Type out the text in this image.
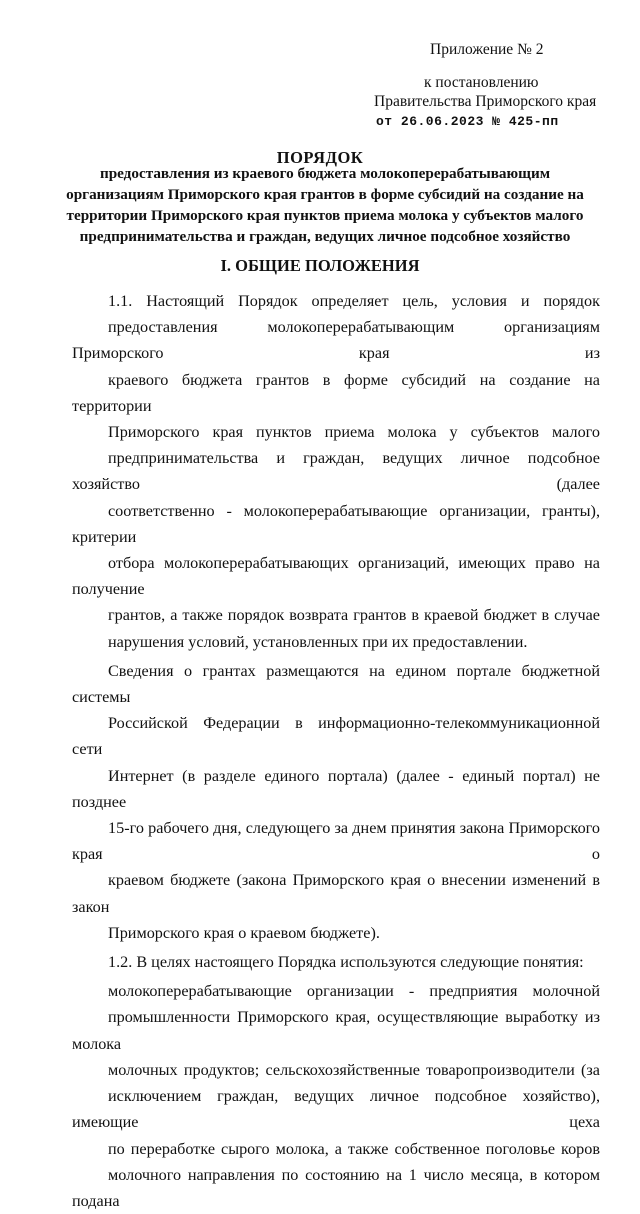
Приложение № 2
к постановлению
Правительства Приморского края
от 26.06.2023 № 425-пп
ПОРЯДОК
предоставления из краевого бюджета молокоперерабатывающим
организациям Приморского края грантов в форме субсидий на создание на
территории Приморского края пунктов приема молока у субъектов малого
предпринимательства и граждан, ведущих личное подсобное хозяйство
I. ОБЩИЕ ПОЛОЖЕНИЯ

1.1. Настоящий Порядок определяет цель, условия и порядок
предоставления молокоперерабатывающим организациям Приморского края из
краевого бюджета грантов в форме субсидий на создание на территории
Приморского края пунктов приема молока у субъектов малого
предпринимательства и граждан, ведущих личное подсобное хозяйство (далее
соответственно - молокоперерабатывающие организации, гранты), критерии
отбора молокоперерабатывающих организаций, имеющих право на получение
грантов, а также порядок возврата грантов в краевой бюджет в случае
нарушения условий, установленных при их предоставлении.

Сведения о грантах размещаются на едином портале бюджетной системы
Российской Федерации в информационно-телекоммуникационной сети
Интернет (в разделе единого портала) (далее - единый портал) не позднее
15-го рабочего дня, следующего за днем принятия закона Приморского края о
краевом бюджете (закона Приморского края о внесении изменений в закон
Приморского края о краевом бюджете).

1.2. В целях настоящего Порядка используются следующие понятия:

молокоперерабатывающие организации - предприятия молочной
промышленности Приморского края, осуществляющие выработку из молока
молочных продуктов; сельскохозяйственные товаропроизводители (за
исключением граждан, ведущих личное подсобное хозяйство), имеющие цеха
по переработке сырого молока, а также собственное поголовье коров
молочного направления по состоянию на 1 число месяца, в котором подана
